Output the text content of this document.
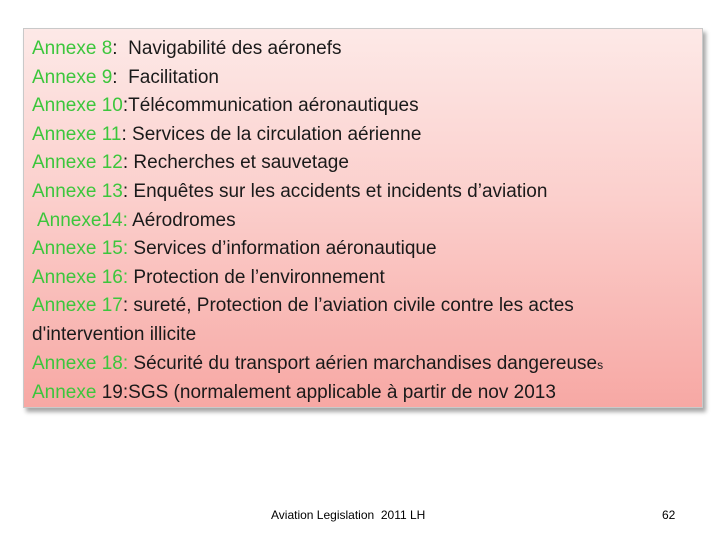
Annexe 8:  Navigabilité des aéronefs
Annexe 9:  Facilitation
Annexe 10:Télécommunication aéronautiques
Annexe 11: Services de la circulation aérienne
Annexe 12: Recherches et sauvetage
Annexe 13: Enquêtes sur les accidents et incidents d’aviation
Annexe14: Aérodromes
Annexe 15: Services d’information aéronautique
Annexe 16: Protection de l’environnement
Annexe 17: sureté, Protection de l’aviation civile contre les actes
d'intervention illicite
Annexe 18: Sécurité du transport aérien marchandises dangereuses
Annexe 19:SGS (normalement applicable à partir de nov 2013
Aviation Legislation  2011 LH	62
